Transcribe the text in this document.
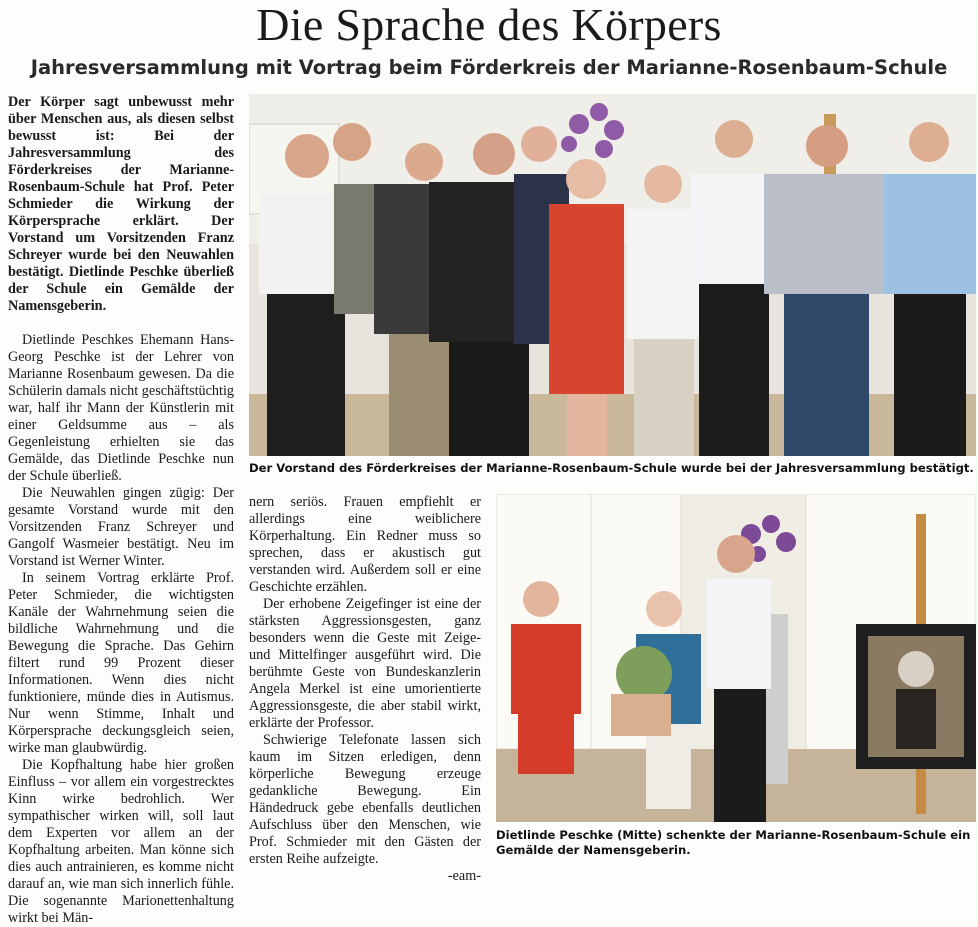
Die Sprache des Körpers
Jahresversammlung mit Vortrag beim Förderkreis der Marianne-Rosenbaum-Schule

Der Körper sagt unbewusst mehr über Menschen aus, als diesen selbst bewusst ist: Bei der Jahresversammlung des Förderkreises der Marianne-Rosenbaum-Schule hat Prof. Peter Schmieder die Wirkung der Körpersprache erklärt. Der Vorstand um Vorsitzenden Franz Schreyer wurde bei den Neuwahlen bestätigt. Dietlinde Peschke überließ der Schule ein Gemälde der Namensgeberin.

Dietlinde Peschkes Ehemann Hans-Georg Peschke ist der Lehrer von Marianne Rosenbaum gewesen. Da die Schülerin damals nicht geschäftstüchtig war, half ihr Mann der Künstlerin mit einer Geldsumme aus – als Gegenleistung erhielten sie das Gemälde, das Dietlinde Peschke nun der Schule überließ.

Die Neuwahlen gingen zügig: Der gesamte Vorstand wurde mit den Vorsitzenden Franz Schreyer und Gangolf Wasmeier bestätigt. Neu im Vorstand ist Werner Winter.

In seinem Vortrag erklärte Prof. Peter Schmieder, die wichtigsten Kanäle der Wahrnehmung seien die bildliche Wahrnehmung und die Bewegung die Sprache. Das Gehirn filtert rund 99 Prozent dieser Informationen. Wenn dies nicht funktioniere, münde dies in Autismus. Nur wenn Stimme, Inhalt und Körpersprache deckungsgleich seien, wirke man glaubwürdig.

Die Kopfhaltung habe hier großen Einfluss – vor allem ein vorgestrecktes Kinn wirke bedrohlich. Wer sympathischer wirken will, soll laut dem Experten vor allem an der Kopfhaltung arbeiten. Man könne sich dies auch antrainieren, es komme nicht darauf an, wie man sich innerlich fühle. Die sogenannte Marionettenhaltung wirkt bei Män-

nern seriös. Frauen empfiehlt er allerdings eine weiblichere Körperhaltung. Ein Redner muss so sprechen, dass er akustisch gut verstanden wird. Außerdem soll er eine Geschichte erzählen.

Der erhobene Zeigefinger ist eine der stärksten Aggressionsgesten, ganz besonders wenn die Geste mit Zeige- und Mittelfinger ausgeführt wird. Die berühmte Geste von Bundeskanzlerin Angela Merkel ist eine umorientierte Aggressionsgeste, die aber stabil wirkt, erklärte der Professor.

Schwierige Telefonate lassen sich kaum im Sitzen erledigen, denn körperliche Bewegung erzeuge gedankliche Bewegung. Ein Händedruck gebe ebenfalls deutlichen Aufschluss über den Menschen, wie Prof. Schmieder mit den Gästen der ersten Reihe aufzeigte.

-eam-

Der Vorstand des Förderkreises der Marianne-Rosenbaum-Schule wurde bei der Jahresversammlung bestätigt.
Dietlinde Peschke (Mitte) schenkte der Marianne-Rosenbaum-Schule ein Gemälde der Namensgeberin.
